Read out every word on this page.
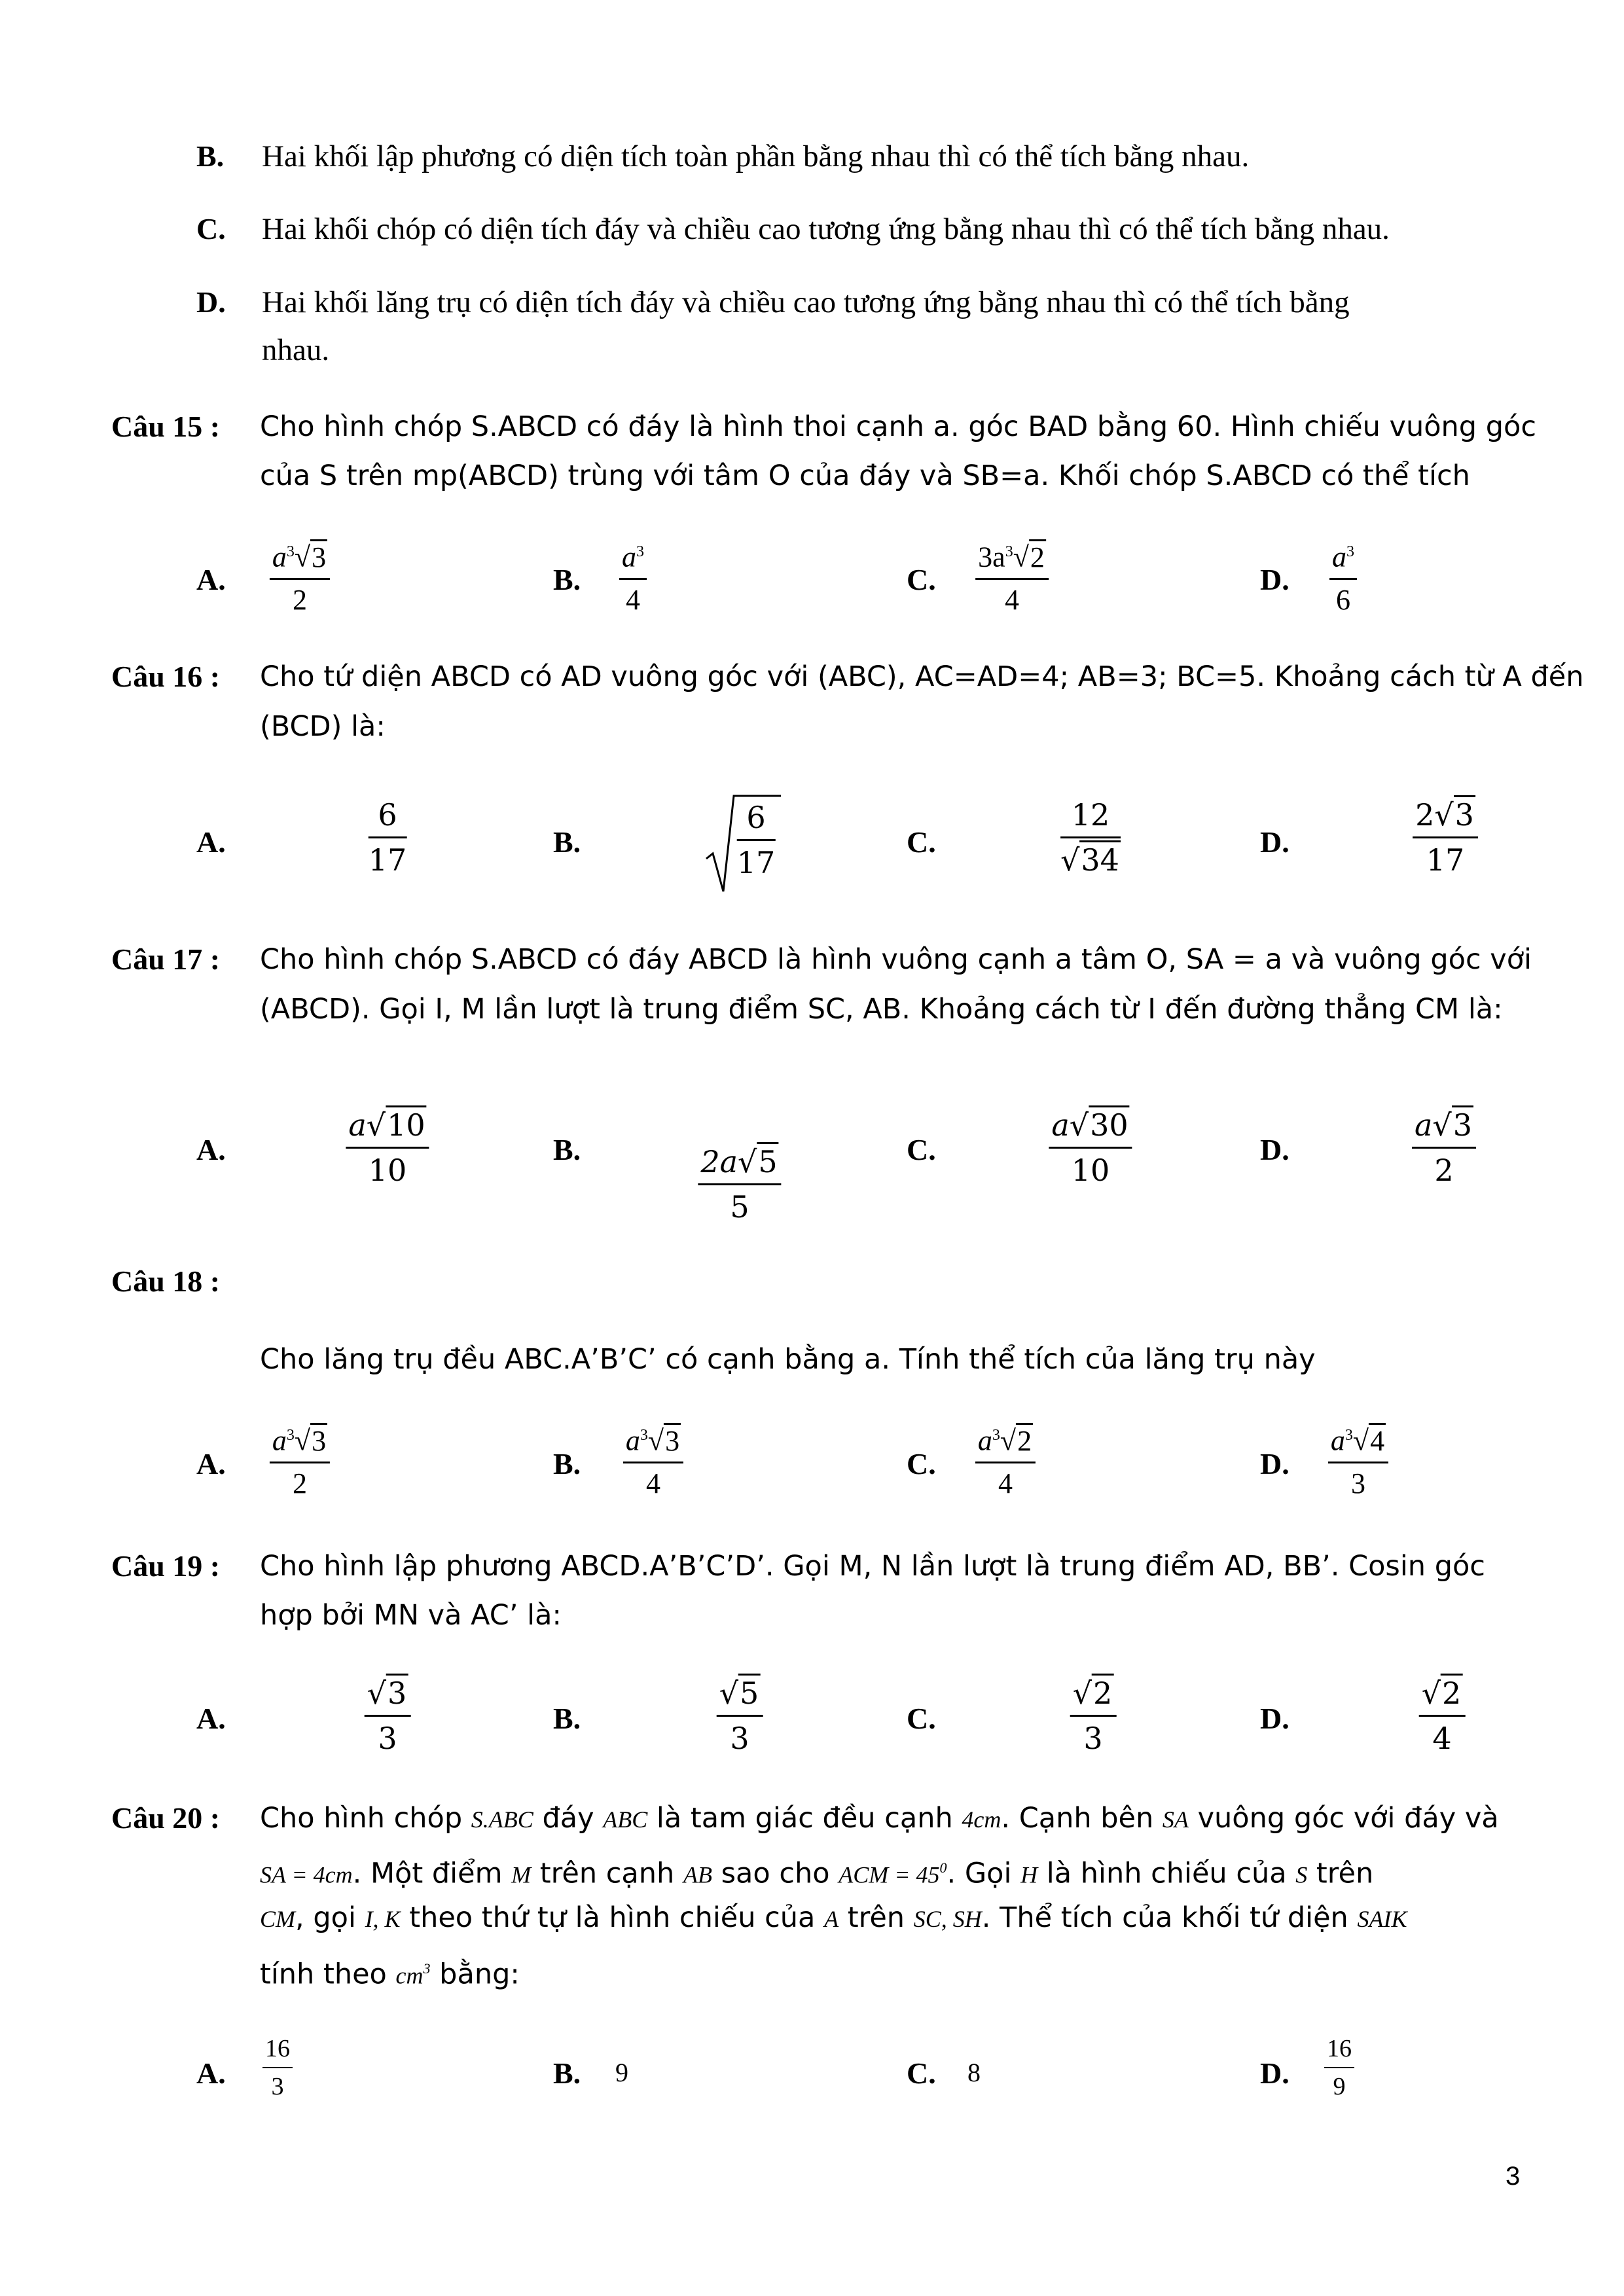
B. Hai khối lập phương có diện tích toàn phần bằng nhau thì có thể tích bằng nhau.
C. Hai khối chóp có diện tích đáy và chiều cao tương ứng bằng nhau thì có thể tích bằng nhau.
D. Hai khối lăng trụ có diện tích đáy và chiều cao tương ứng bằng nhau thì có thể tích bằng
nhau.
Câu 15 : Cho hình chóp S.ABCD có đáy là hình thoi cạnh a. góc BAD bằng 60. Hình chiếu vuông góc
của S trên mp(ABCD) trùng với tâm O của đáy và SB=a. Khối chóp S.ABCD có thể tích
A.
$a^3√3$
2
B.
$a^3$
4
C.
$3a^3√2$
4
D.
$a^3$
6
Câu 16 : Cho tứ diện ABCD có AD vuông góc với (ABC), AC=AD=4; AB=3; BC=5. Khoảng cách từ A đến
(BCD) là:
A.
6
17
B.
6
17
C.
12
√34
D.
2√3
17
Câu 17 : Cho hình chóp S.ABCD có đáy ABCD là hình vuông cạnh a tâm O, SA = a và vuông góc với
(ABCD). Gọi I, M lần lượt là trung điểm SC, AB. Khoảng cách từ I đến đường thẳng CM là:
A.
a√10
10
B.	2a√5
5
C.
a√30
10
D.
a√3
2
Câu 18 :
Cho lăng trụ đều ABC.A’B’C’ có cạnh bằng a. Tính thể tích của lăng trụ này
A.
$a^3√3$
2
B.
$a^3√3$
4
C.
$a^3√2$
4
D.
$a^3√4$
3
Câu 19 : Cho hình lập phương ABCD.A’B’C’D’. Gọi M, N lần lượt là trung điểm AD, BB’. Cosin góc
hợp bởi MN và AC’ là:
A.
√3
3
B.
√5
3
C.
√2
3
D.
√2
4
Câu 20 : Cho hình chóp S.ABC đáy ABC là tam giác đều cạnh 4cm. Cạnh bên SA vuông góc với đáy và
SA = 4cm. Một điểm M trên cạnh AB sao cho ACM = $45^0$. Gọi H là hình chiếu của S trên
CM, gọi I, K theo thứ tự là hình chiếu của A trên SC, SH. Thể tích của khối tứ diện SAIK
tính theo $cm^3$ bằng:
A.
16
3	B. 9	C. 8	D.
16
9
3
